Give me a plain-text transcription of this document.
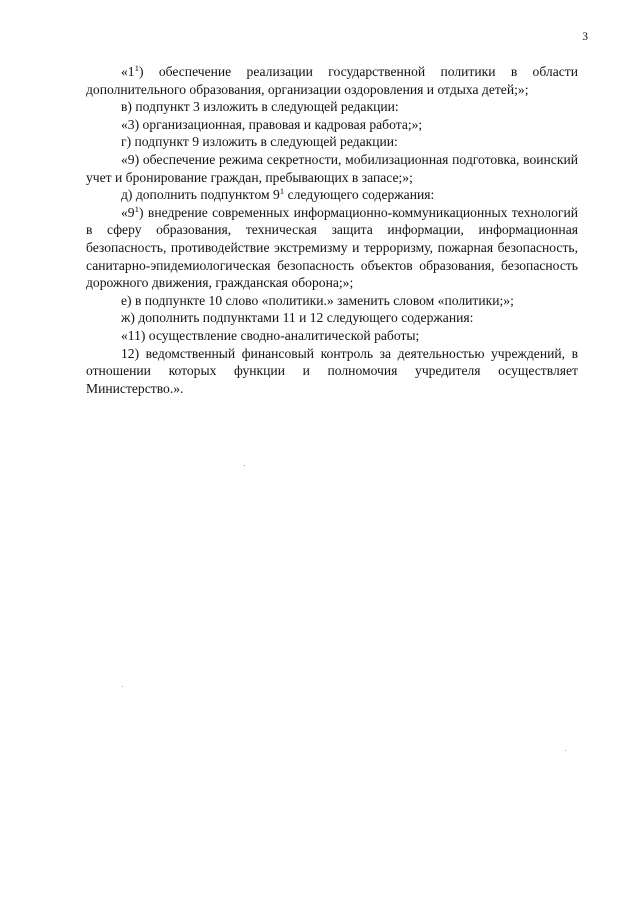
3

«$1^1$) обеспечение реализации государственной политики в области дополнительного образования, организации оздоровления и отдыха детей;»;

в) подпункт 3 изложить в следующей редакции:

«3) организационная, правовая и кадровая работа;»;

г) подпункт 9 изложить в следующей редакции:

«9) обеспечение режима секретности, мобилизационная подготовка, воинский учет и бронирование граждан, пребывающих в запасе;»;

д) дополнить подпунктом $9^1$ следующего содержания:

«$9^1$) внедрение современных информационно-коммуникационных технологий в сферу образования, техническая защита информации, информационная безопасность, противодействие экстремизму и терроризму, пожарная безопасность, санитарно-эпидемиологическая безопасность объектов образования, безопасность дорожного движения, гражданская оборона;»;

е) в подпункте 10 слово «политики.» заменить словом «политики;»;

ж) дополнить подпунктами 11 и 12 следующего содержания:

«11) осуществление сводно-аналитической работы;

12) ведомственный финансовый контроль за деятельностью учреждений, в отношении которых функции и полномочия учредителя осуществляет Министерство.».
